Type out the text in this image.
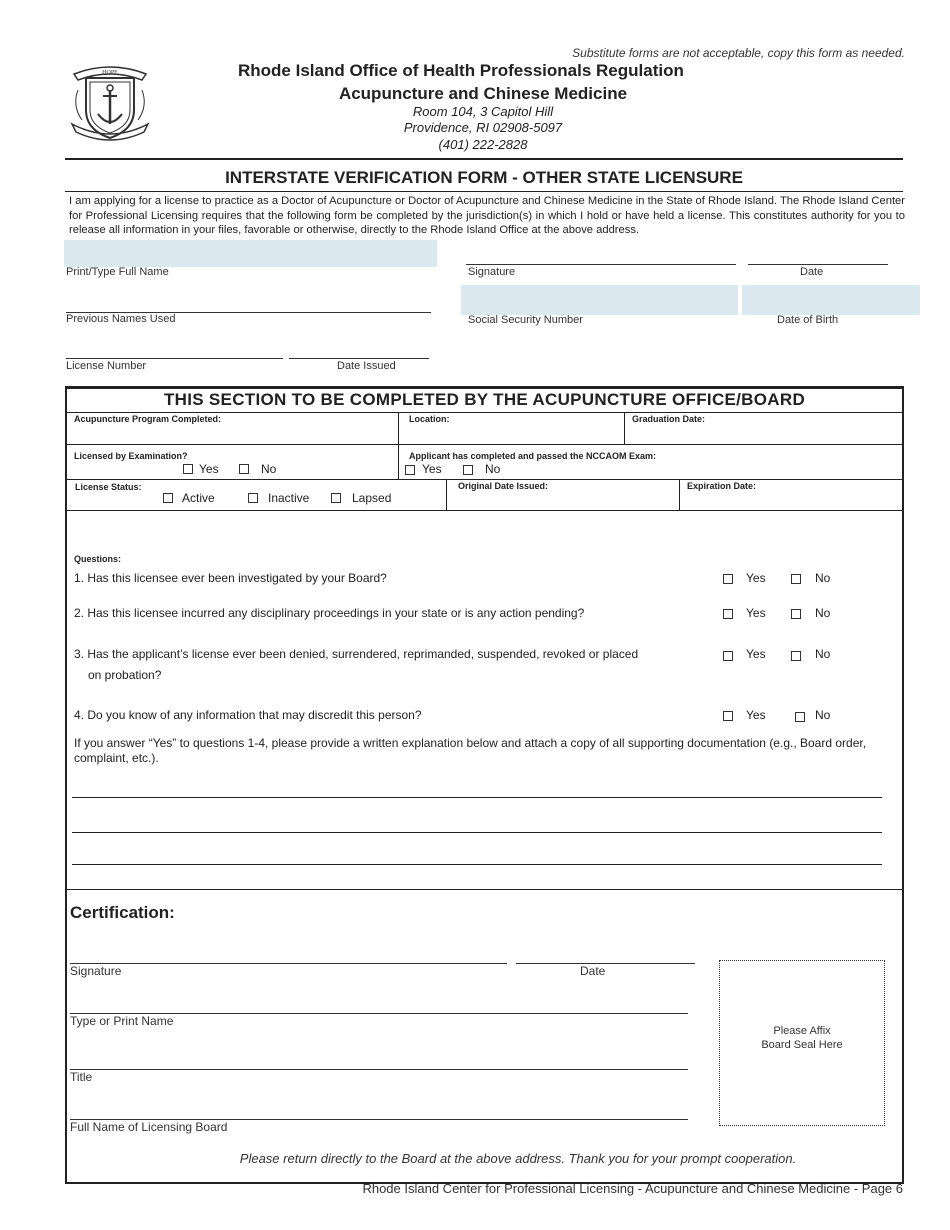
HOPE
Substitute forms are not acceptable, copy this form as needed.
Rhode Island Office of Health Professionals Regulation
Acupuncture and Chinese Medicine
Room 104, 3 Capitol Hill
Providence, RI 02908-5097
(401) 222-2828
INTERSTATE VERIFICATION FORM - OTHER STATE LICENSURE
I am applying for a license to practice as a Doctor of Acupuncture or Doctor of Acupuncture and Chinese Medicine in the State of Rhode Island. The Rhode Island Center for Professional Licensing requires that the following form be completed by the jurisdiction(s) in which I hold or have held a license. This constitutes authority for you to release all information in your files, favorable or otherwise, directly to the Rhode Island Office at the above address.
Print/Type Full Name	Signature	Date
Previous Names Used	Social Security Number	Date of Birth
License Number	Date Issued
THIS SECTION TO BE COMPLETED BY THE ACUPUNCTURE OFFICE/BOARD
Acupuncture Program Completed:	Location:	Graduation Date:
Licensed by Examination?
Yes	No
Applicant has completed and passed the NCCAOM Exam:
Yes	No
License Status:
Active	Inactive	Lapsed
Original Date Issued:	Expiration Date:
Questions:
1. Has this licensee ever been investigated by your Board?	Yes	No
2. Has this licensee incurred any disciplinary proceedings in your state or is any action pending?	Yes	No
3. Has the applicant’s license ever been denied, surrendered, reprimanded, suspended, revoked or placed
on probation?
Yes	No
4. Do you know of any information that may discredit this person?	Yes	No
If you answer “Yes” to questions 1-4, please provide a written explanation below and attach a copy of all supporting documentation (e.g., Board order, complaint, etc.).
Certification:
Signature	Date
Type or Print Name
Title
Full Name of Licensing Board
Please Affix
Board Seal Here
Please return directly to the Board at the above address. Thank you for your prompt cooperation.
Rhode Island Center for Professional Licensing - Acupuncture and Chinese Medicine - Page 6
